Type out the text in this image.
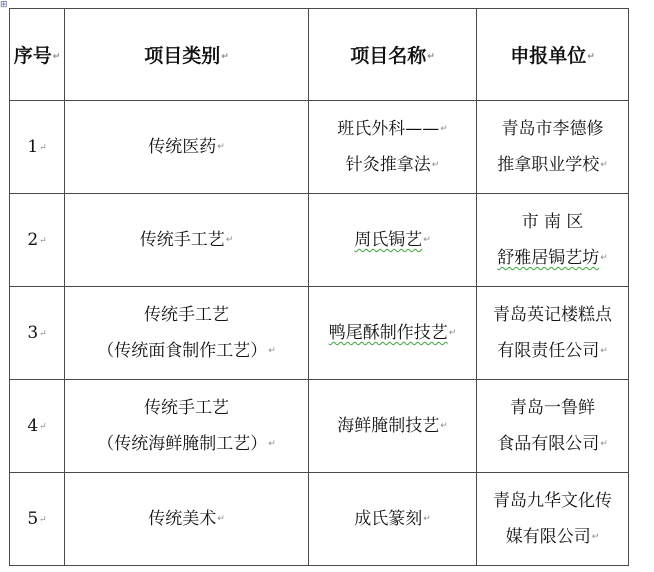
⊞
序号↵	项目类别↵	项目名称↵	申报单位↵
1↵	传统医药↵	班氏外科——↵
针灸推拿法↵	青岛市李德修
推拿职业学校↵

2↵	传统手工艺↵	周氏锔艺↵	市 南 区
舒雅居锔艺坊↵

3↵	传统手工艺
（传统面食制作工艺）↵	鸭尾酥制作技艺↵	青岛英记楼糕点
有限责任公司↵

4↵	传统手工艺
（传统海鲜腌制工艺）↵	海鲜腌制技艺↵	青岛一鲁鲜
食品有限公司↵

5↵	传统美术↵	成氏篆刻↵	青岛九华文化传
媒有限公司↵
